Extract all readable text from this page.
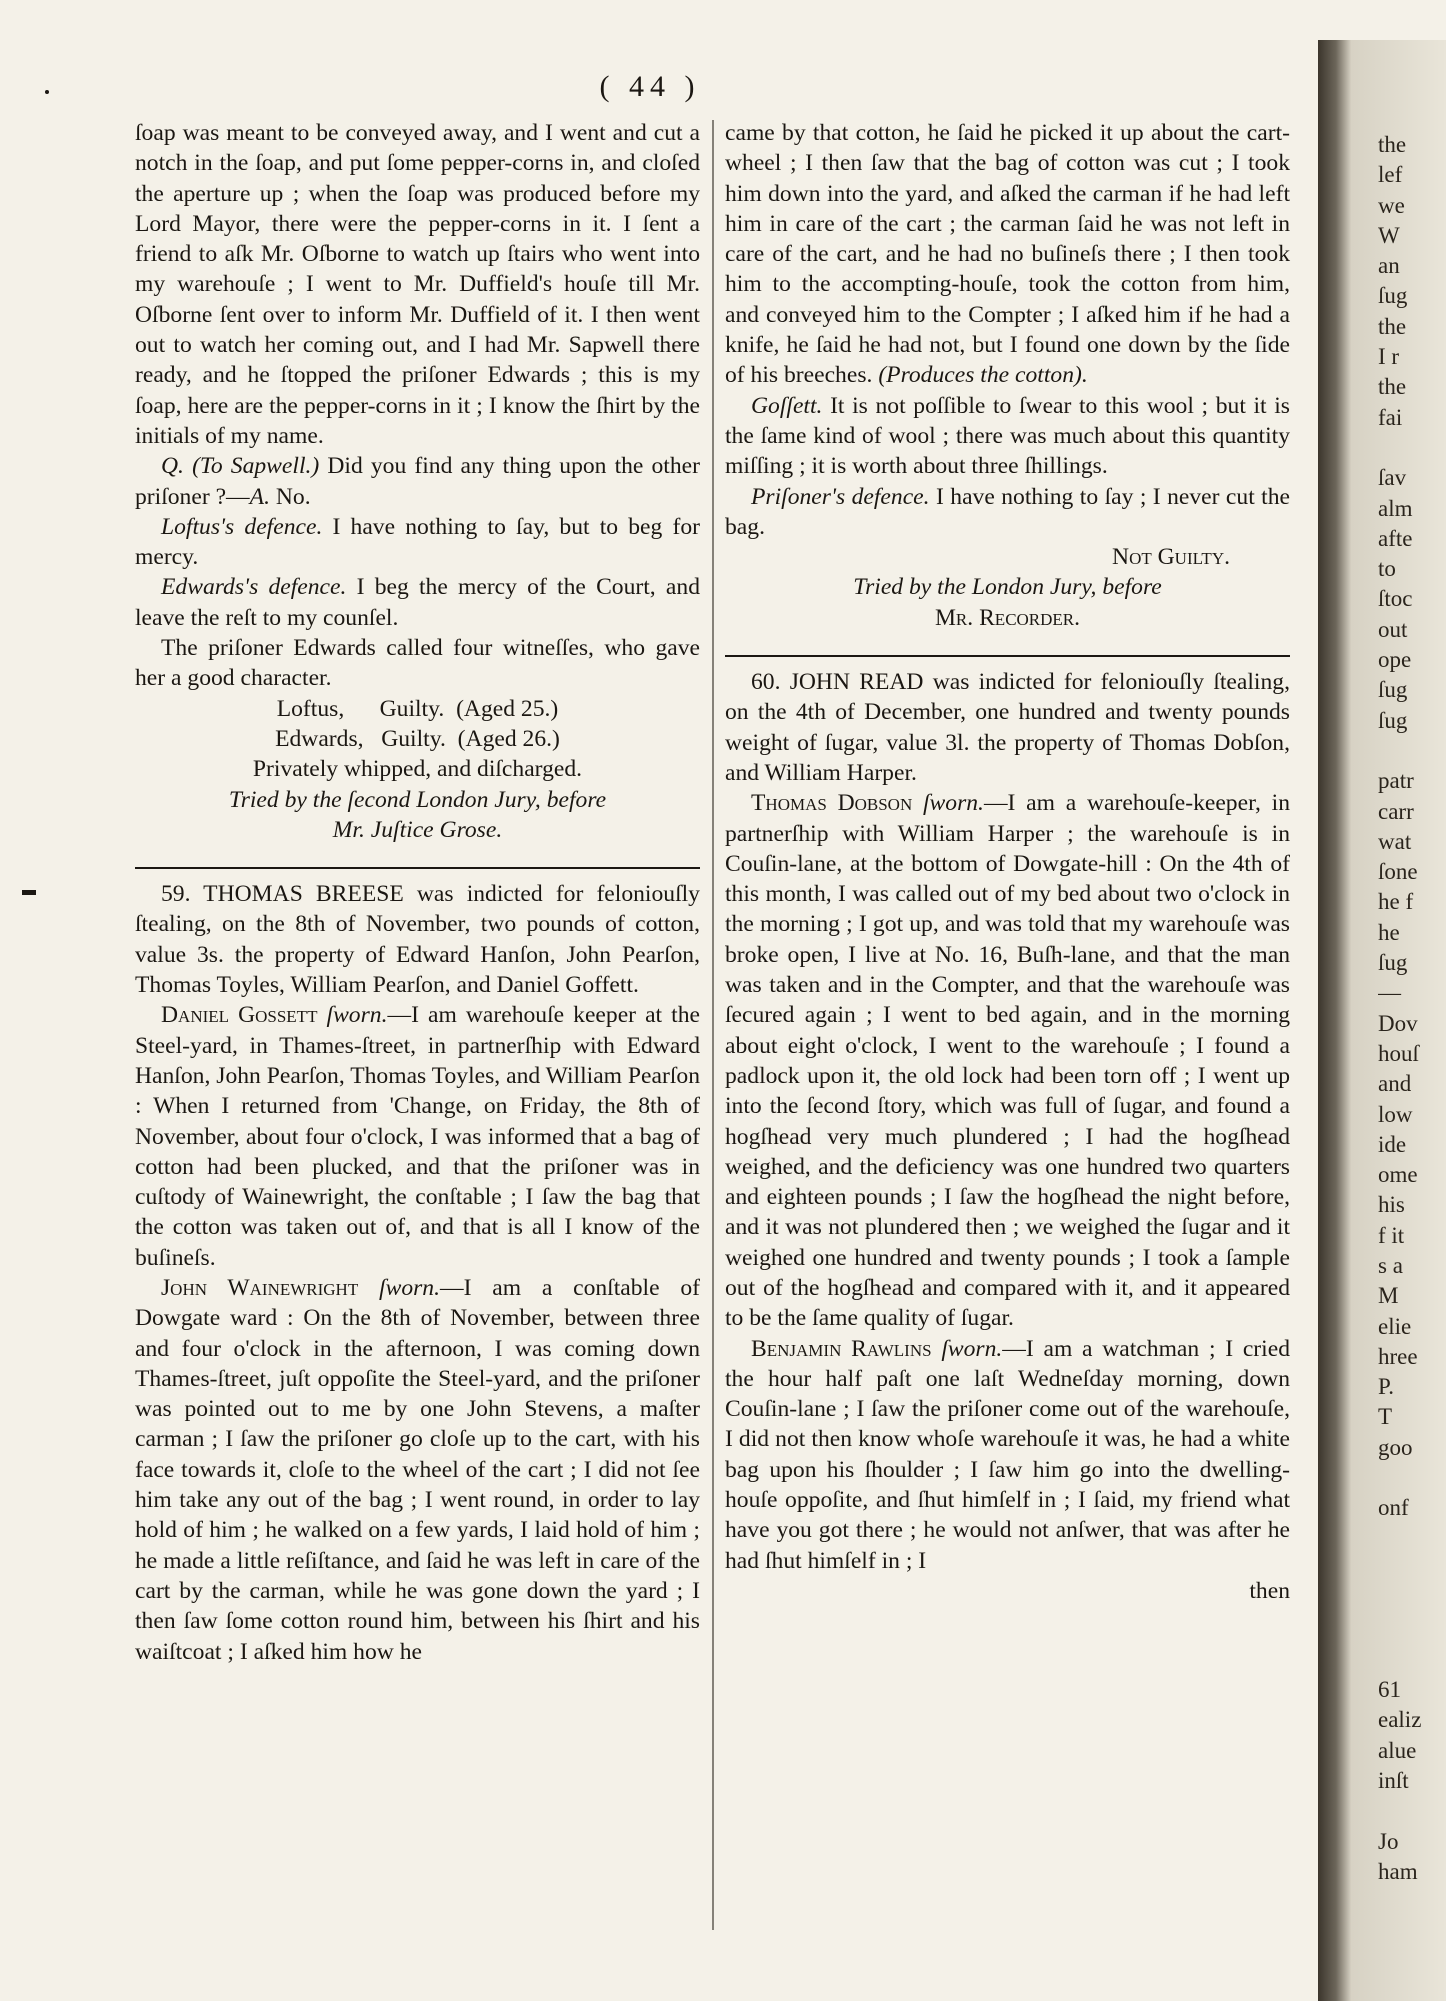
( 44 )

ſoap was meant to be conveyed away, and I went and cut a notch in the ſoap, and put ſome pepper-corns in, and cloſed the aperture up ; when the ſoap was produced before my Lord Mayor, there were the pepper-corns in it. I ſent a friend to aſk Mr. Oſborne to watch up ſtairs who went into my warehouſe ; I went to Mr. Duffield's houſe till Mr. Oſborne ſent over to inform Mr. Duffield of it. I then went out to watch her coming out, and I had Mr. Sapwell there ready, and he ſtopped the priſoner Edwards ; this is my ſoap, here are the pepper-corns in it ; I know the ſhirt by the initials of my name.

Q. (To Sapwell.) Did you find any thing upon the other priſoner ?—A. No.

Loftus's defence. I have nothing to ſay, but to beg for mercy.

Edwards's defence. I beg the mercy of the Court, and leave the reſt to my counſel.

The priſoner Edwards called four witneſſes, who gave her a good character.

Loftus,      Guilty.  (Aged 25.)

Edwards,   Guilty.  (Aged 26.)

Privately whipped, and diſcharged.

Tried by the ſecond London Jury, before

Mr. Juſtice Grose.

59. THOMAS BREESE was indicted for feloniouſly ſtealing, on the 8th of November, two pounds of cotton, value 3s. the property of Edward Hanſon, John Pearſon, Thomas Toyles, William Pearſon, and Daniel Goffett.

Daniel Gossett ſworn.—I am warehouſe keeper at the Steel-yard, in Thames-ſtreet, in partnerſhip with Edward Hanſon, John Pearſon, Thomas Toyles, and William Pearſon : When I returned from 'Change, on Friday, the 8th of November, about four o'clock, I was informed that a bag of cotton had been plucked, and that the priſoner was in cuſtody of Wainewright, the conſtable ; I ſaw the bag that the cotton was taken out of, and that is all I know of the buſineſs.

John Wainewright ſworn.—I am a conſtable of Dowgate ward : On the 8th of November, between three and four o'clock in the afternoon, I was coming down Thames-ſtreet, juſt oppoſite the Steel-yard, and the priſoner was pointed out to me by one John Stevens, a maſter carman ; I ſaw the priſoner go cloſe up to the cart, with his face towards it, cloſe to the wheel of the cart ; I did not ſee him take any out of the bag ; I went round, in order to lay hold of him ; he walked on a few yards, I laid hold of him ; he made a little reſiſtance, and ſaid he was left in care of the cart by the carman, while he was gone down the yard ; I then ſaw ſome cotton round him, between his ſhirt and his waiſtcoat ; I aſked him how he

came by that cotton, he ſaid he picked it up about the cart-wheel ; I then ſaw that the bag of cotton was cut ; I took him down into the yard, and aſked the carman if he had left him in care of the cart ; the carman ſaid he was not left in care of the cart, and he had no buſineſs there ; I then took him to the accompting-houſe, took the cotton from him, and conveyed him to the Compter ; I aſked him if he had a knife, he ſaid he had not, but I found one down by the ſide of his breeches. (Produces the cotton).

Goſſett. It is not poſſible to ſwear to this wool ; but it is the ſame kind of wool ; there was much about this quantity miſſing ; it is worth about three ſhillings.

Priſoner's defence. I have nothing to ſay ; I never cut the bag.

Not Guilty.

Tried by the London Jury, before

Mr. Recorder.

60. JOHN READ was indicted for feloniouſly ſtealing, on the 4th of December, one hundred and twenty pounds weight of ſugar, value 3l. the property of Thomas Dobſon, and William Harper.

Thomas Dobson ſworn.—I am a warehouſe-keeper, in partnerſhip with William Harper ; the warehouſe is in Couſin-lane, at the bottom of Dowgate-hill : On the 4th of this month, I was called out of my bed about two o'clock in the morning ; I got up, and was told that my warehouſe was broke open, I live at No. 16, Buſh-lane, and that the man was taken and in the Compter, and that the warehouſe was ſecured again ; I went to bed again, and in the morning about eight o'clock, I went to the warehouſe ; I found a padlock upon it, the old lock had been torn off ; I went up into the ſecond ſtory, which was full of ſugar, and found a hogſhead very much plundered ; I had the hogſhead weighed, and the deficiency was one hundred two quarters and eighteen pounds ; I ſaw the hogſhead the night before, and it was not plundered then ; we weighed the ſugar and it weighed one hundred and twenty pounds ; I took a ſample out of the hogſhead and compared with it, and it appeared to be the ſame quality of ſugar.

Benjamin Rawlins ſworn.—I am a watchman ; I cried the hour half paſt one laſt Wedneſday morning, down Couſin-lane ; I ſaw the priſoner come out of the warehouſe, I did not then know whoſe warehouſe it was, he had a white bag upon his ſhoulder ; I ſaw him go into the dwelling-houſe oppoſite, and ſhut himſelf in ; I ſaid, my friend what have you got there ; he would not anſwer, that was after he had ſhut himſelf in ; I

then

the
lef
we
W
an
ſug
the
I r
the
fai
ſav
alm
afte
to
ſtoc
out
ope
ſug
ſug
patr
carr
wat
ſone
he f
he
ſug
—
Dov
houſ
and
low
ide
ome
his
f it
s a
M
elie
hree
P.
T
goo
onf
61
ealiz
alue
inſt
Jo
ham
